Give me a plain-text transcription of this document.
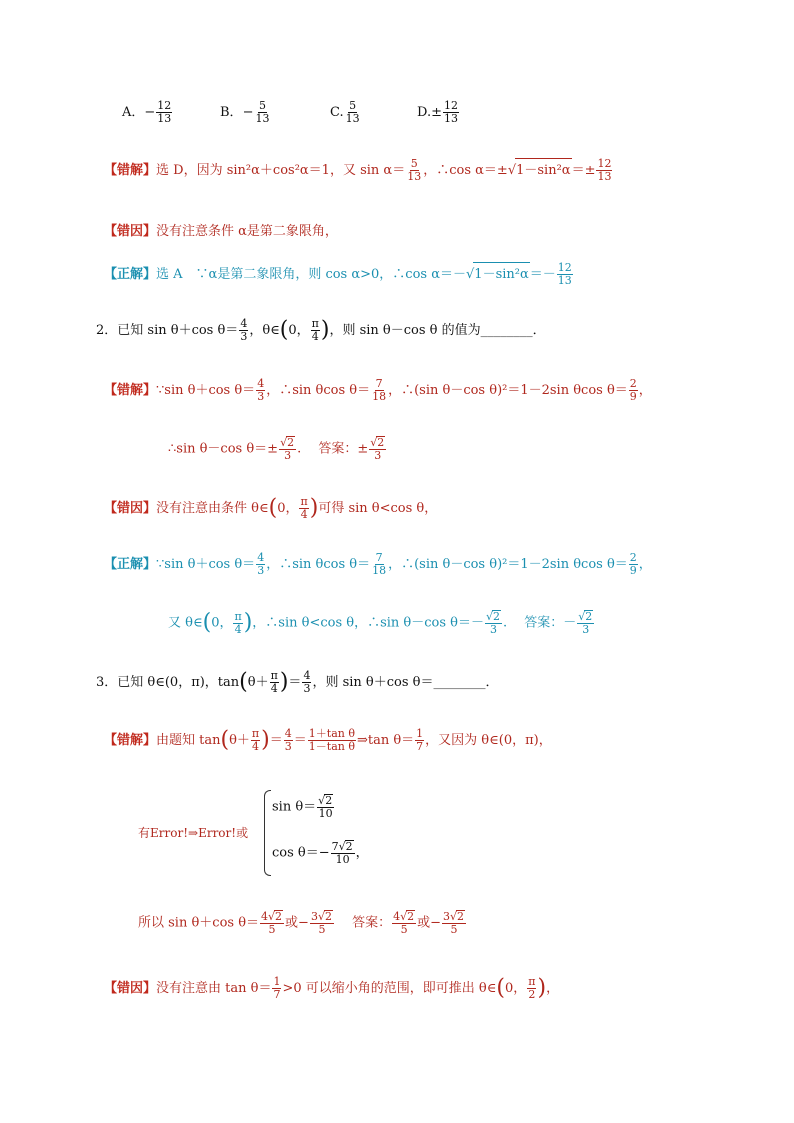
A．− $\frac{12}{13}$	B．− $\frac{5}{13}$	C. $\frac{5}{13}$	$D.\pm \frac{12}{13}$
【错解】选 D，因为 sin²α＋cos²α＝1，又 $\sin \alpha= \frac{5}{13}$ ，∴cos $\alpha=\pm√1-\sin^2\alpha=\pm \frac{12}{13}$
【错因】没有注意条件 α是第二象限角，
【正解】选 A　∵α是第二象限角，则 cos α>0，∴cos $\alpha=-√1-\sin^2\alpha=- \frac{12}{13}$
2．已知 sin θ＋cos $\theta= \frac{4}{3}$ ，θ∈(0， $\frac{\pi}{4}$ )，则 sin θ－cos θ 的值为________．
【错解】∵sin θ＋cos $\theta= \frac{4}{3}$ ，∴sin θcos $\theta= \frac{7}{18}$ ，∴(sin θ－cos θ)²＝1－2sin θcos $\theta= \frac{2}{9}$ ，
∴sin θ－cos $\theta=\pm \frac{√2}{3}$ .　 答案：± $\frac{√2}{3}$
【错因】没有注意由条件 θ∈(0， $\frac{\pi}{4}$ )可得 sin θ<cos θ，
【正解】∵sin θ＋cos $\theta= \frac{4}{3}$ ，∴sin θcos $\theta= \frac{7}{18}$ ，∴(sin θ－cos θ)²＝1－2sin θcos $\theta= \frac{2}{9}$ ，
又 θ∈(0， $\frac{\pi}{4}$ )，∴sin θ<cos θ，∴sin θ－cos $\theta=- \frac{√2}{3}$ .　 答案：－ $\frac{√2}{3}$
3．已知 θ∈(0，π)，$\tan(\theta+ \frac{\pi}{4}$ )＝ $\frac{4}{3}$ ，则 sin θ＋cos θ＝________．
【错解】由题知 $\tan(\theta+ \frac{\pi}{4}$ )＝ $\frac{4}{3} = \frac{\text{1＋tan θ}}{\text{1－tan θ}}$ ⇒tan $\theta= \frac{1}{7}$ ，又因为 θ∈(0，π)，
有Error!⇒Error!或
$\sin \theta= \frac{√2}{10}$
$\cos \theta=- \frac{7√2}{10}$ ，
所以 sin θ＋cos $\theta= \frac{4√2}{5}$ 或− $\frac{3√2}{5}$ 　 答案： $\frac{4√2}{5}$ 或− $\frac{3√2}{5}$
【错因】没有注意由 $\tan \theta= \frac{1}{7} >0$ 可以缩小角的范围，即可推出 θ∈(0， $\frac{\pi}{2}$ )，
